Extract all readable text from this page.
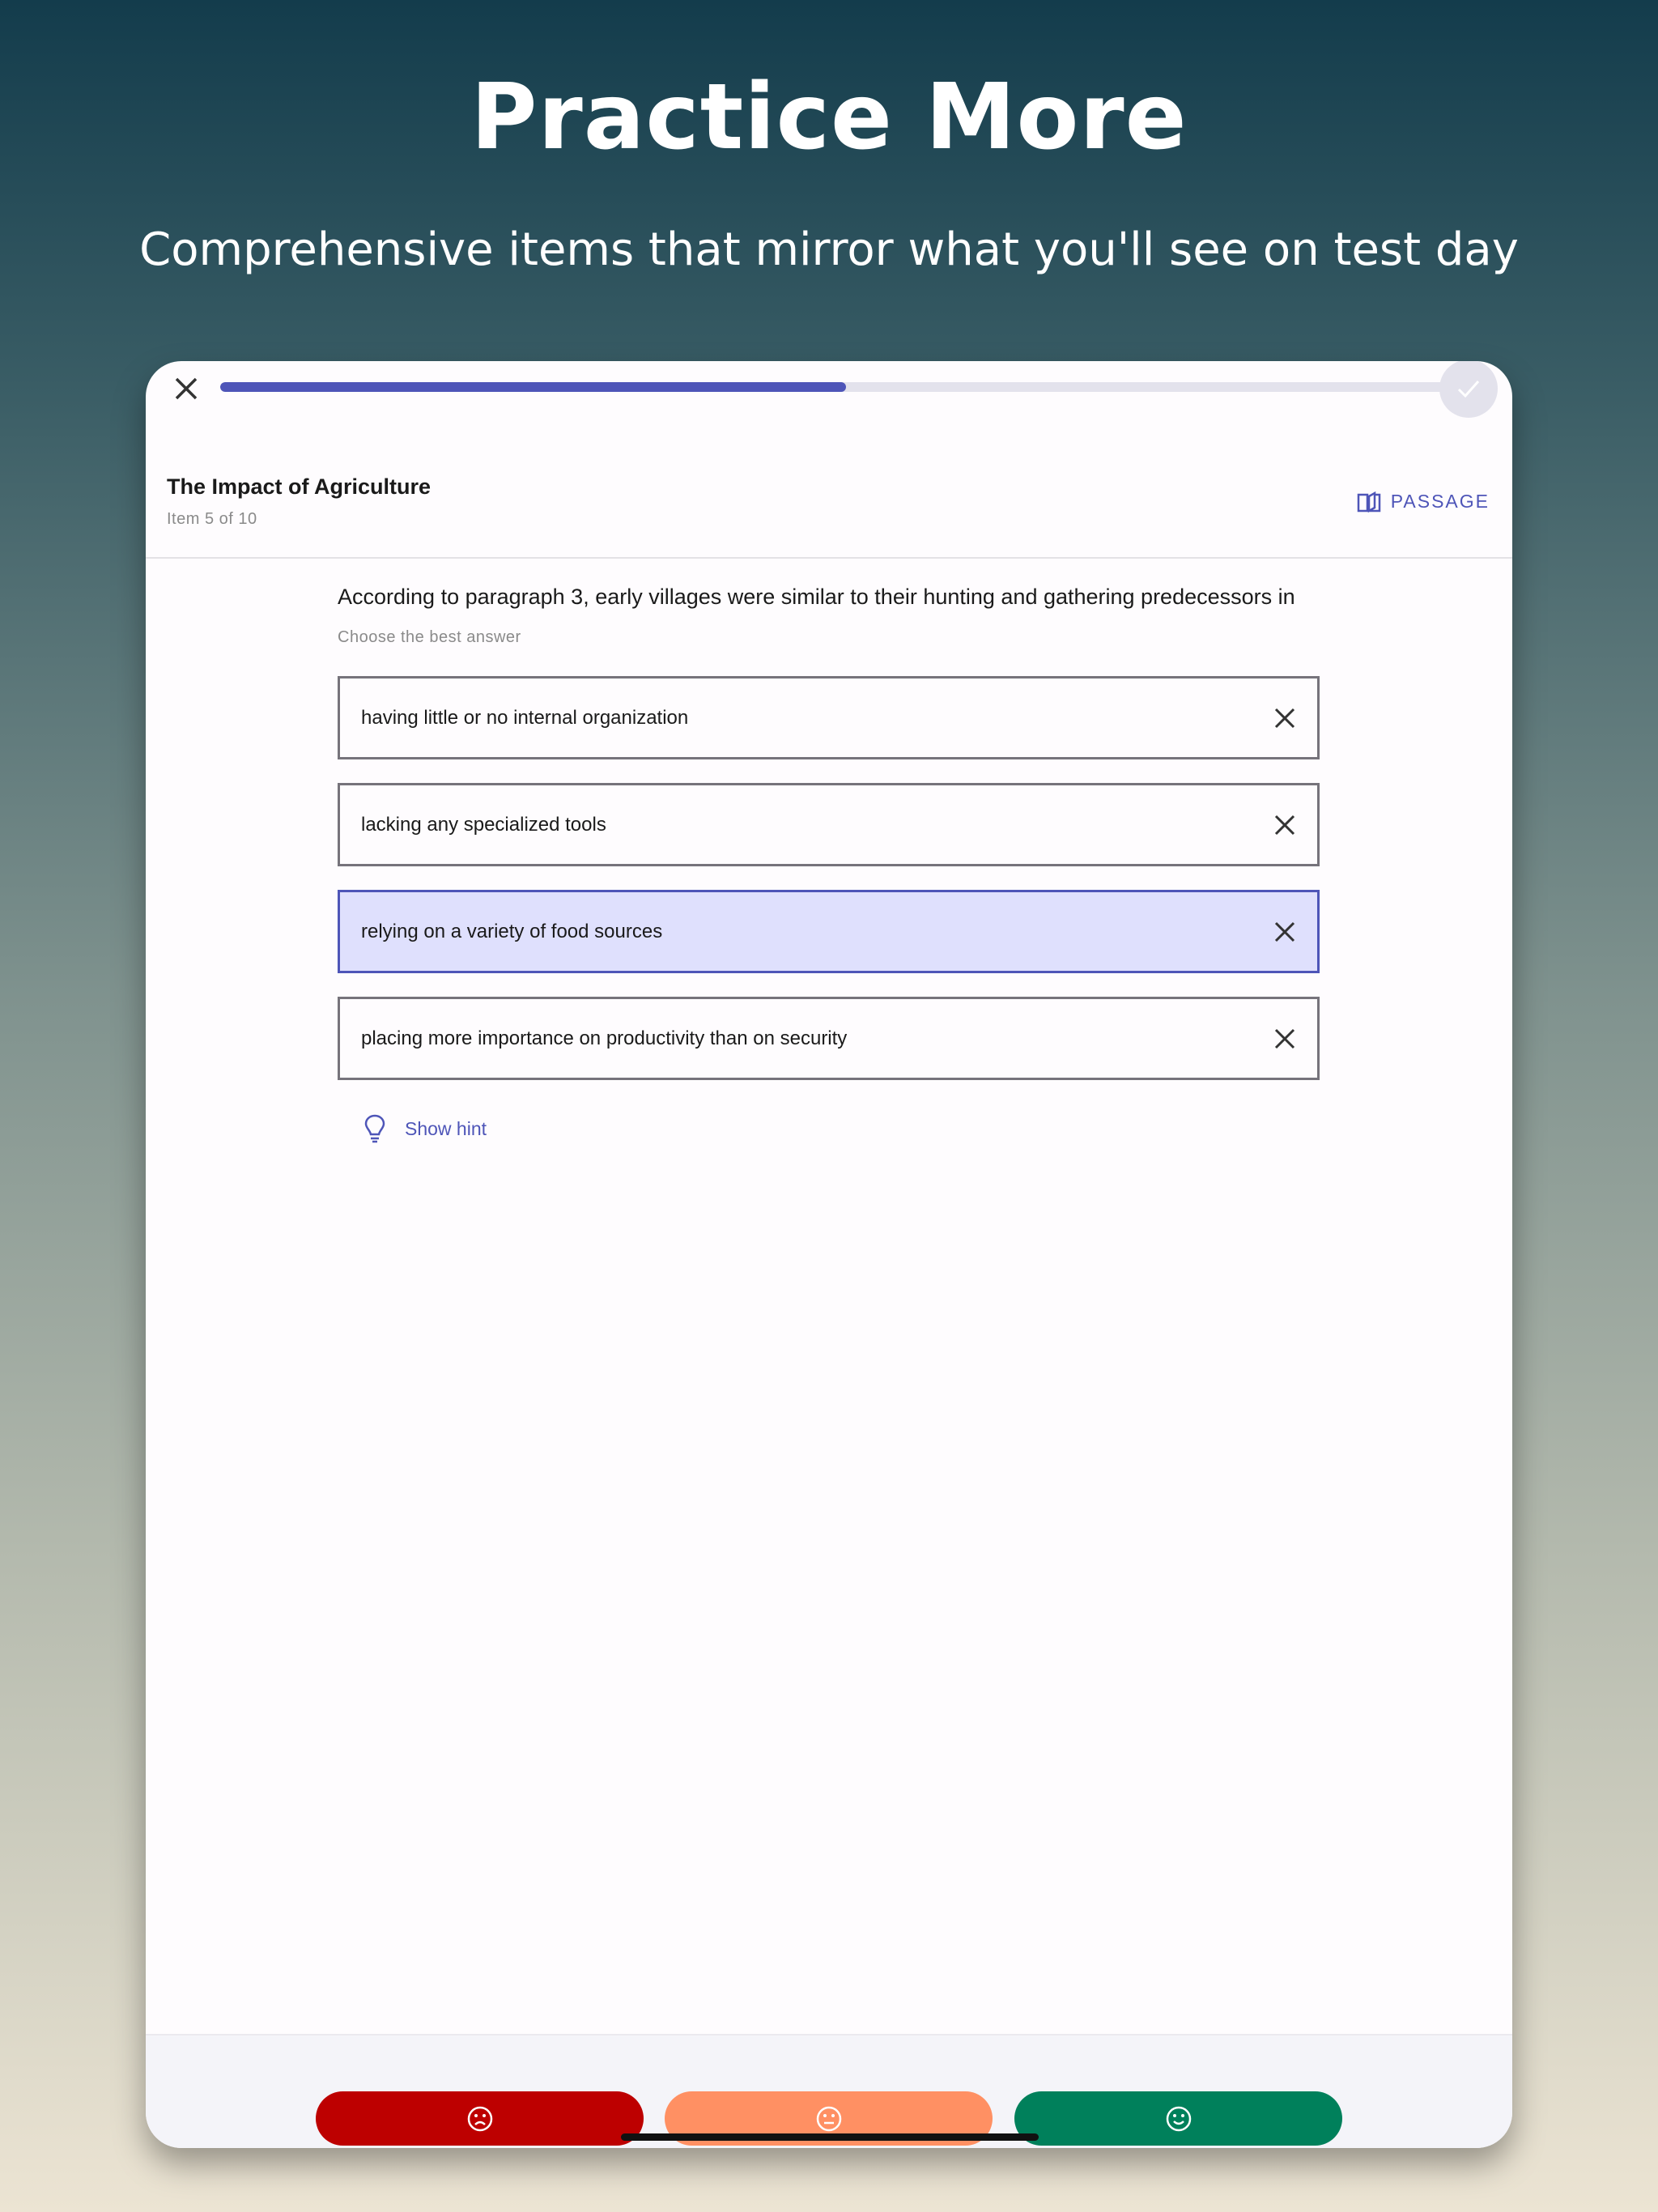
Practice More
Comprehensive items that mirror what you'll see on test day
The Impact of Agriculture
Item 5 of 10
PASSAGE
According to paragraph 3, early villages were similar to their hunting and gathering predecessors in
Choose the best answer
having little or no internal organization
lacking any specialized tools
relying on a variety of food sources
placing more importance on productivity than on security
Show hint
